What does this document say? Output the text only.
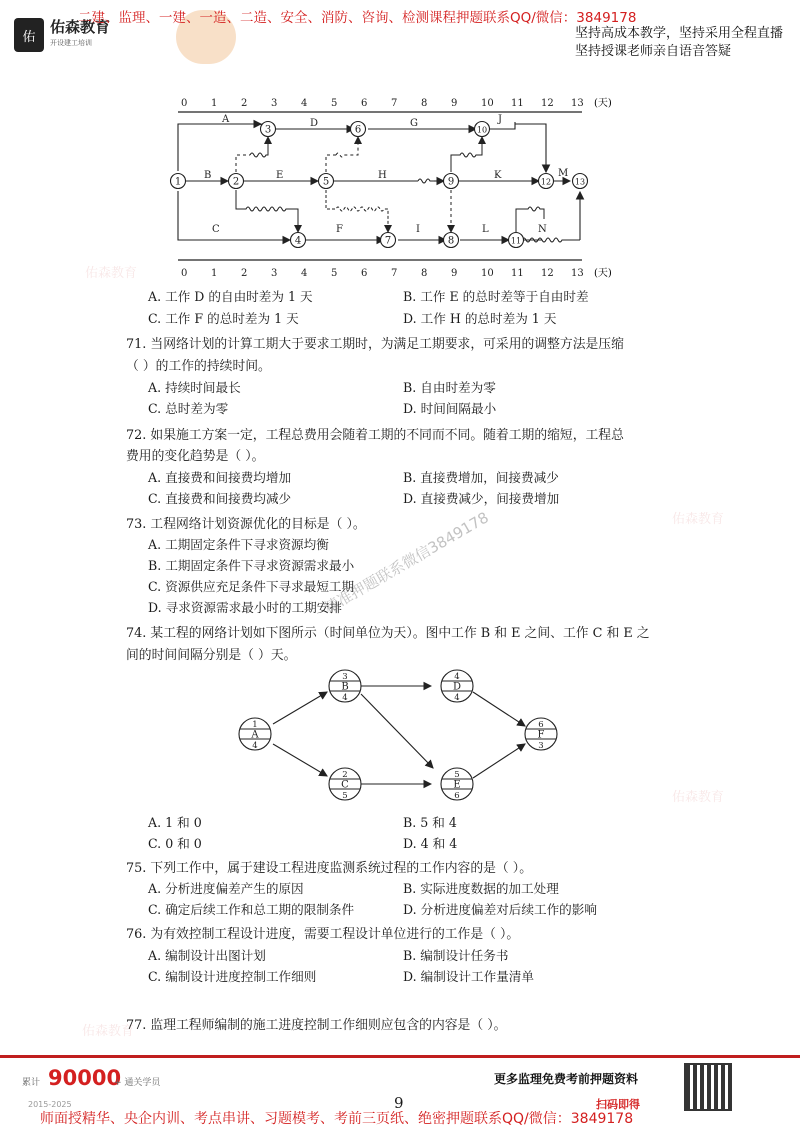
佑
佑森教育
开设建工培训
二建、监理、一建、一造、二造、安全、消防、咨询、检测课程押题联系QQ/微信：3849178
坚持高成本教学，坚持采用全程直播
坚持授课老师亲自语音答疑
0 1 2 3 4 5 6 7 8 9 10 11 12 13
0 1 2 3 4 5 6 7 8 9 10 11 12 13
(天)
(天)
1	2
3
4
5
6
7	8
9
10
11
12	13
A
B
C
D
E
F
G
H
I
J
K
L
M
N
A. 工作 D 的自由时差为 1 天	B. 工作 E 的总时差等于自由时差
C. 工作 F 的总时差为 1 天	D. 工作 H 的总时差为 1 天
71. 当网络计划的计算工期大于要求工期时，为满足工期要求，可采用的调整方法是压缩
（ ）的工作的持续时间。
A. 持续时间最长	B. 自由时差为零
C. 总时差为零	D. 时间间隔最小
72. 如果施工方案一定，工程总费用会随着工期的不同而不同。随着工期的缩短，工程总
费用的变化趋势是（ ）。
A. 直接费和间接费均增加	B. 直接费增加，间接费减少
C. 直接费和间接费均减少	D. 直接费减少，间接费增加
73. 工程网络计划资源优化的目标是（ ）。
A. 工期固定条件下寻求资源均衡
B. 工期固定条件下寻求资源需求最小
C. 资源供应充足条件下寻求最短工期
D. 寻求资源需求最小时的工期安排
74. 某工程的网络计划如下图所示（时间单位为天）。图中工作 B 和 E 之间、工作 C 和 E 之
间的时间间隔分别是（ ）天。
1
A
4
3
B
4
2
C
5
4
D
4
5
E
6
6
F
3
A. 1 和 0	B. 5 和 4
C. 0 和 0	D. 4 和 4
75. 下列工作中，属于建设工程进度监测系统过程的工作内容的是（ ）。
A. 分析进度偏差产生的原因	B. 实际进度数据的加工处理
C. 确定后续工作和总工期的限制条件	D. 分析进度偏差对后续工作的影响
76. 为有效控制工程设计进度，需要工程设计单位进行的工作是（ ）。
A. 编制设计出图计划	B. 编制设计任务书
C. 编制设计进度控制工作细则	D. 编制设计工作量清单
77. 监理工程师编制的施工进度控制工作细则应包含的内容是（ ）。
佑森教育
佑森教育
佑森教育
佑森教育
精准押题联系微信3849178
累计 90000
+ 通关学员
2015-2025	9
更多监理免费考前押题资料
扫码即得
师面授精华、央企内训、考点串讲、习题模考、考前三页纸、绝密押题联系QQ/微信：3849178
